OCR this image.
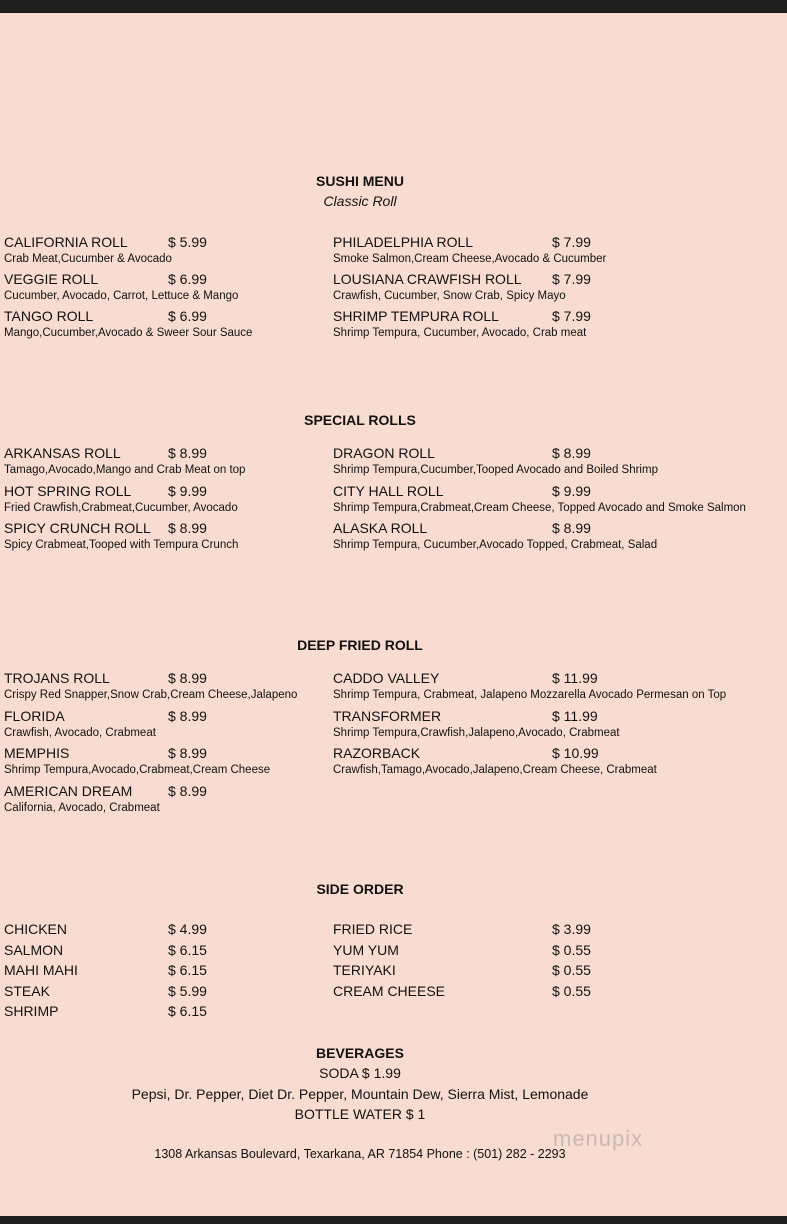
SUSHI MENU
Classic Roll
CALIFORNIA ROLL	$ 5.99
Crab Meat,Cucumber & Avocado
VEGGIE ROLL	$ 6.99
Cucumber, Avocado, Carrot, Lettuce & Mango
TANGO ROLL	$ 6.99
Mango,Cucumber,Avocado & Sweer Sour Sauce
PHILADELPHIA ROLL	$ 7.99
Smoke Salmon,Cream Cheese,Avocado & Cucumber
LOUSIANA CRAWFISH ROLL $ 7.99
Crawfish, Cucumber, Snow Crab, Spicy Mayo
SHRIMP TEMPURA ROLL	$ 7.99
Shrimp Tempura, Cucumber, Avocado, Crab meat
SPECIAL ROLLS
ARKANSAS ROLL	$ 8.99
Tamago,Avocado,Mango and Crab Meat on top
HOT SPRING ROLL	$ 9.99
Fried Crawfish,Crabmeat,Cucumber, Avocado
SPICY CRUNCH ROLL $ 8.99
Spicy Crabmeat,Tooped with Tempura Crunch
DRAGON ROLL	$ 8.99
Shrimp Tempura,Cucumber,Tooped Avocado and Boiled Shrimp
CITY HALL ROLL	$ 9.99
Shrimp Tempura,Crabmeat,Cream Cheese, Topped Avocado and Smoke Salmon
ALASKA ROLL	$ 8.99
Shrimp Tempura, Cucumber,Avocado Topped, Crabmeat, Salad
DEEP FRIED ROLL
TROJANS ROLL	$ 8.99
Crispy Red Snapper,Snow Crab,Cream Cheese,Jalapeno
FLORIDA	$ 8.99
Crawfish, Avocado, Crabmeat
MEMPHIS	$ 8.99
Shrimp Tempura,Avocado,Crabmeat,Cream Cheese
AMERICAN DREAM	$ 8.99
California, Avocado, Crabmeat
CADDO VALLEY	$ 11.99
Shrimp Tempura, Crabmeat, Jalapeno Mozzarella Avocado Permesan on Top
TRANSFORMER	$ 11.99
Shrimp Tempura,Crawfish,Jalapeno,Avocado, Crabmeat
RAZORBACK	$ 10.99
Crawfish,Tamago,Avocado,Jalapeno,Cream Cheese, Crabmeat
SIDE ORDER
CHICKEN	$ 4.99
SALMON	$ 6.15
MAHI MAHI	$ 6.15
STEAK	$ 5.99
SHRIMP	$ 6.15
FRIED RICE	$ 3.99
YUM YUM	$ 0.55
TERIYAKI	$ 0.55
CREAM CHEESE	$ 0.55
BEVERAGES
SODA $ 1.99
Pepsi, Dr. Pepper, Diet Dr. Pepper, Mountain Dew, Sierra Mist, Lemonade
BOTTLE WATER $ 1
1308 Arkansas Boulevard, Texarkana, AR 71854 Phone : (501) 282 - 2293
menupix
